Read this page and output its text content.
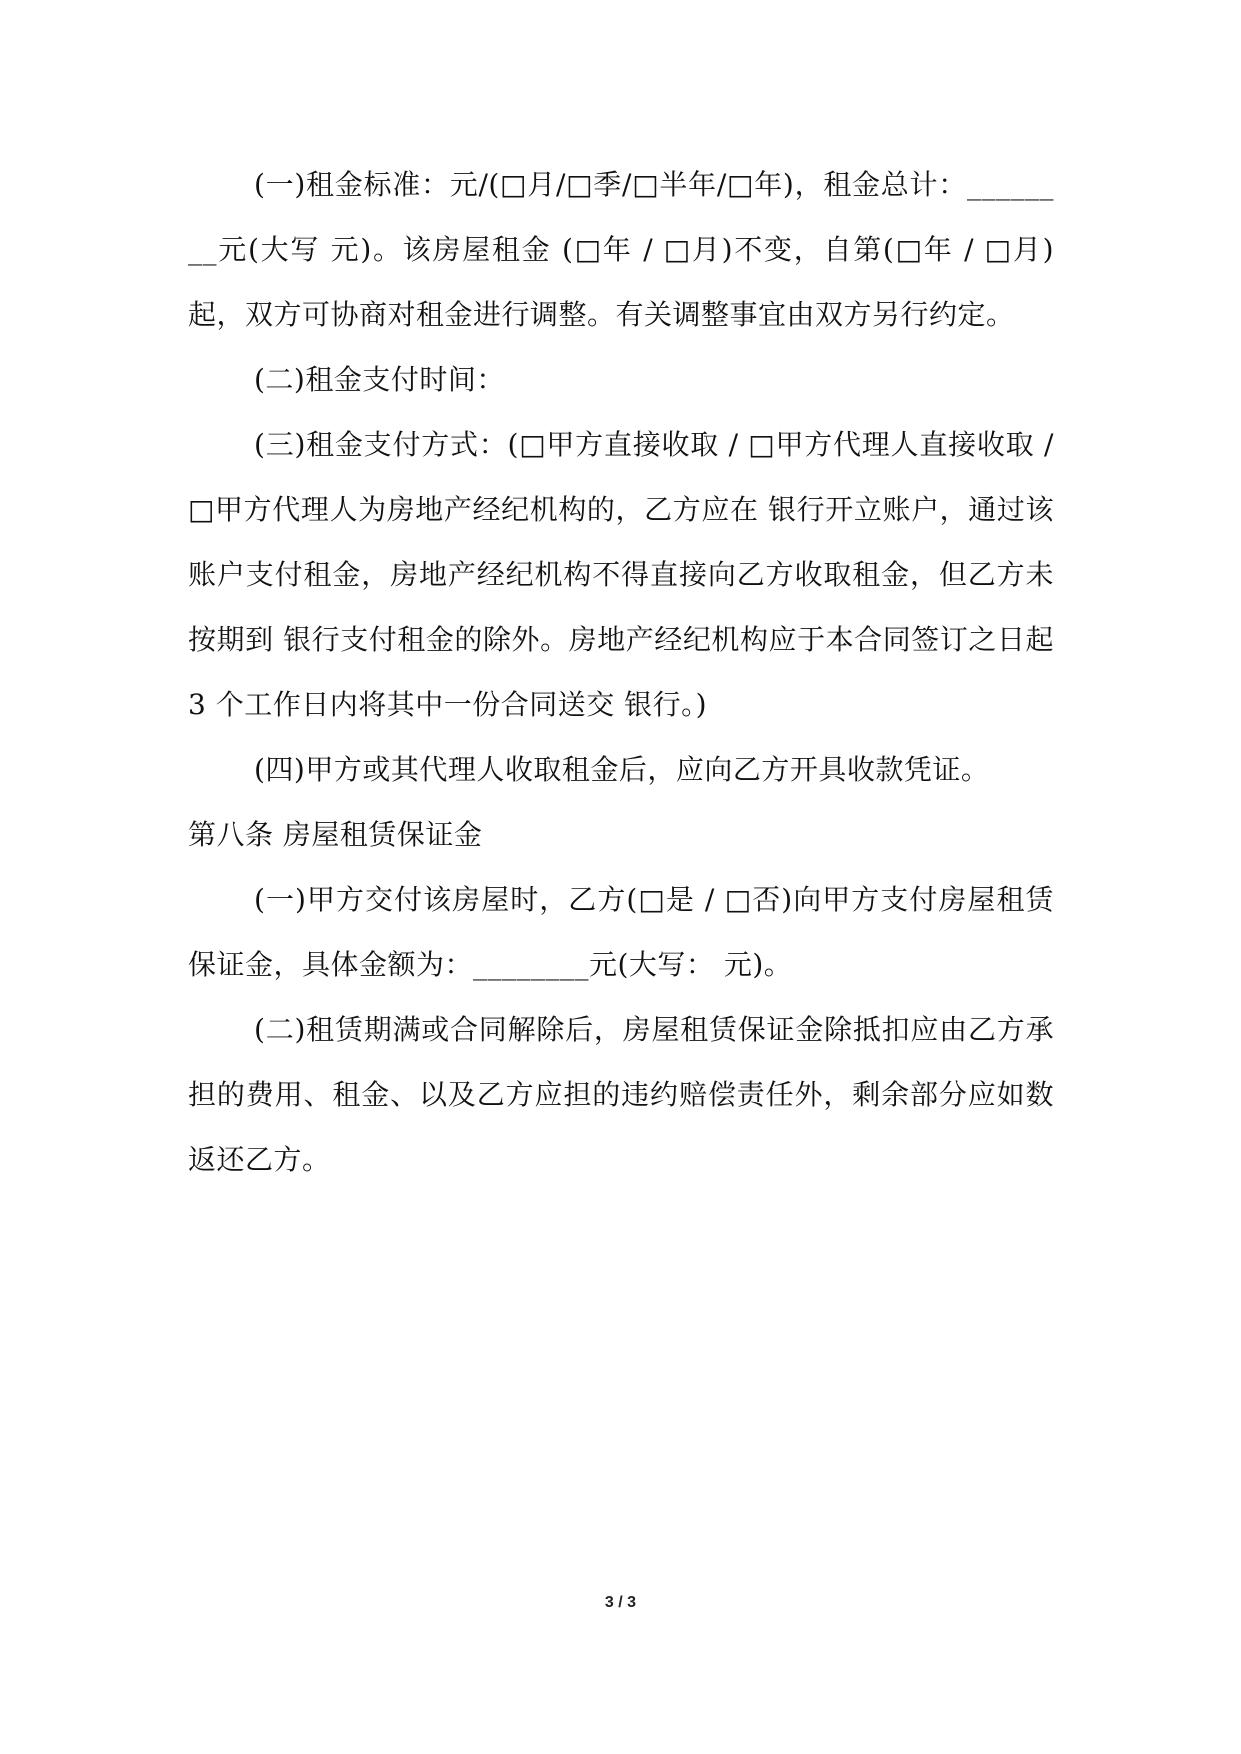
(一)租金标准：元/(□月/□季/□半年/□年)，租金总计：________元(大写 元)。该房屋租金 (□年 / □月)不变，自第(□年 / □月)起，双方可协商对租金进行调整。有关调整事宜由双方另行约定。

(二)租金支付时间：

(三)租金支付方式：(□甲方直接收取 / □甲方代理人直接收取 / □甲方代理人为房地产经纪机构的，乙方应在 银行开立账户，通过该账户支付租金，房地产经纪机构不得直接向乙方收取租金，但乙方未按期到 银行支付租金的除外。房地产经纪机构应于本合同签订之日起 3 个工作日内将其中一份合同送交 银行。)

(四)甲方或其代理人收取租金后，应向乙方开具收款凭证。

第八条 房屋租赁保证金

(一)甲方交付该房屋时，乙方(□是 / □否)向甲方支付房屋租赁保证金，具体金额为：________元(大写： 元)。

(二)租赁期满或合同解除后，房屋租赁保证金除抵扣应由乙方承担的费用、租金、以及乙方应担的违约赔偿责任外，剩余部分应如数返还乙方。

3 / 3
